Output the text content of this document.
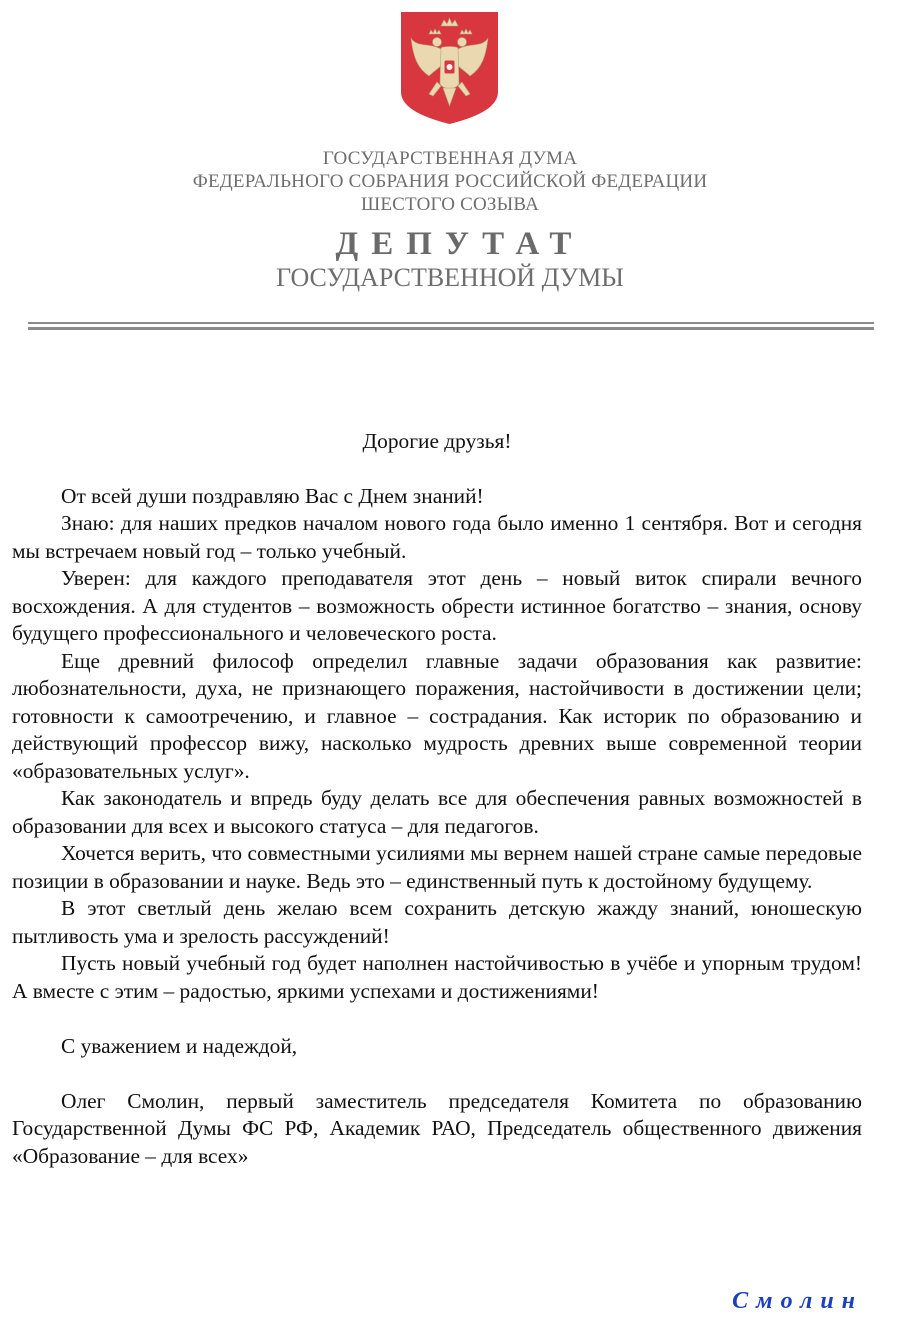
ГОСУДАРСТВЕННАЯ ДУМА
ФЕДЕРАЛЬНОГО СОБРАНИЯ РОССИЙСКОЙ ФЕДЕРАЦИИ
ШЕСТОГО СОЗЫВА
ДЕПУТАТ
ГОСУДАРСТВЕННОЙ ДУМЫ

Дорогие друзья!

От всей души поздравляю Вас с Днем знаний!

Знаю: для наших предков началом нового года было именно 1 сентября. Вот и сегодня мы встречаем новый год – только учебный.

Уверен: для каждого преподавателя этот день – новый виток спирали вечного восхождения. А для студентов – возможность обрести истинное богатство – знания, основу будущего профессионального и человеческого роста.

Еще древний философ определил главные задачи образования как развитие: любознательности, духа, не признающего поражения, настойчивости в достижении цели; готовности к самоотречению, и главное – сострадания. Как историк по образованию и действующий профессор вижу, насколько мудрость древних выше современной теории «образовательных услуг».

Как законодатель и впредь буду делать все для обеспечения равных возможностей в образовании для всех и высокого статуса – для педагогов.

Хочется верить, что совместными усилиями мы вернем нашей стране самые передовые позиции в образовании и науке. Ведь это – единственный путь к достойному будущему.

В этот светлый день желаю всем сохранить детскую жажду знаний, юношескую пытливость ума и зрелость рассуждений!

Пусть новый учебный год будет наполнен настойчивостью в учёбе и упорным трудом! А вместе с этим – радостью, яркими успехами и достижениями!

С уважением и надеждой,

Олег Смолин, первый заместитель председателя Комитета по образованию Государственной Думы ФС РФ, Академик РАО, Председатель общественного движения «Образование – для всех»

Смолин
